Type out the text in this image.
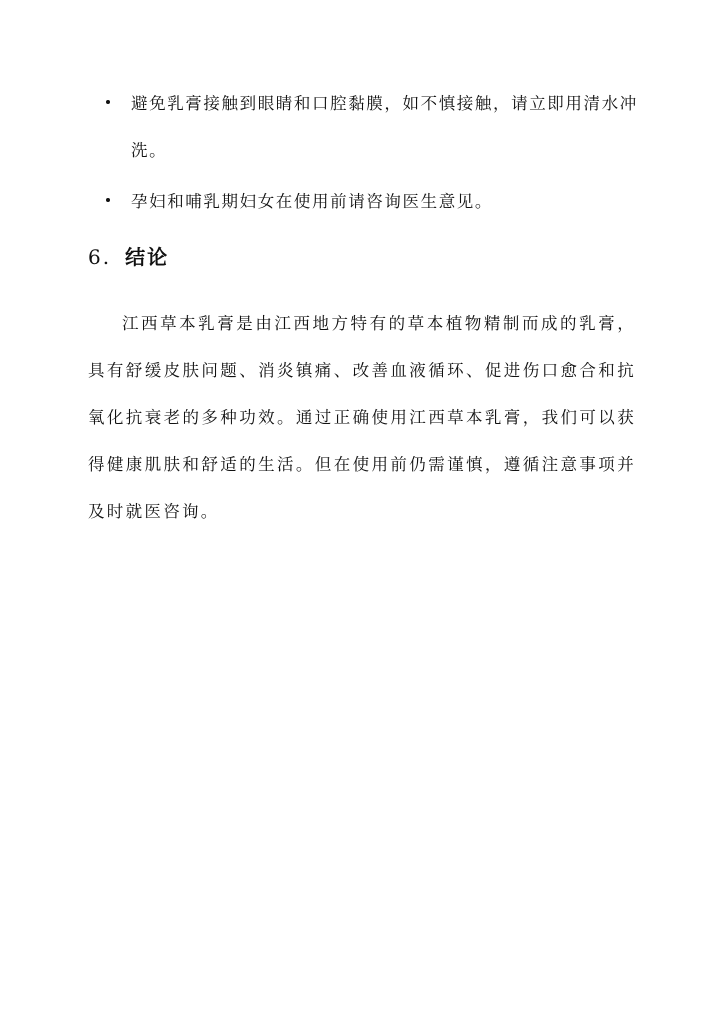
避免乳膏接触到眼睛和口腔黏膜，如不慎接触，请立即用清水冲洗。
孕妇和哺乳期妇女在使用前请咨询医生意见。
6. 结论

江西草本乳膏是由江西地方特有的草本植物精制而成的乳膏，具有舒缓皮肤问题、消炎镇痛、改善血液循环、促进伤口愈合和抗氧化抗衰老的多种功效。通过正确使用江西草本乳膏，我们可以获得健康肌肤和舒适的生活。但在使用前仍需谨慎，遵循注意事项并及时就医咨询。
